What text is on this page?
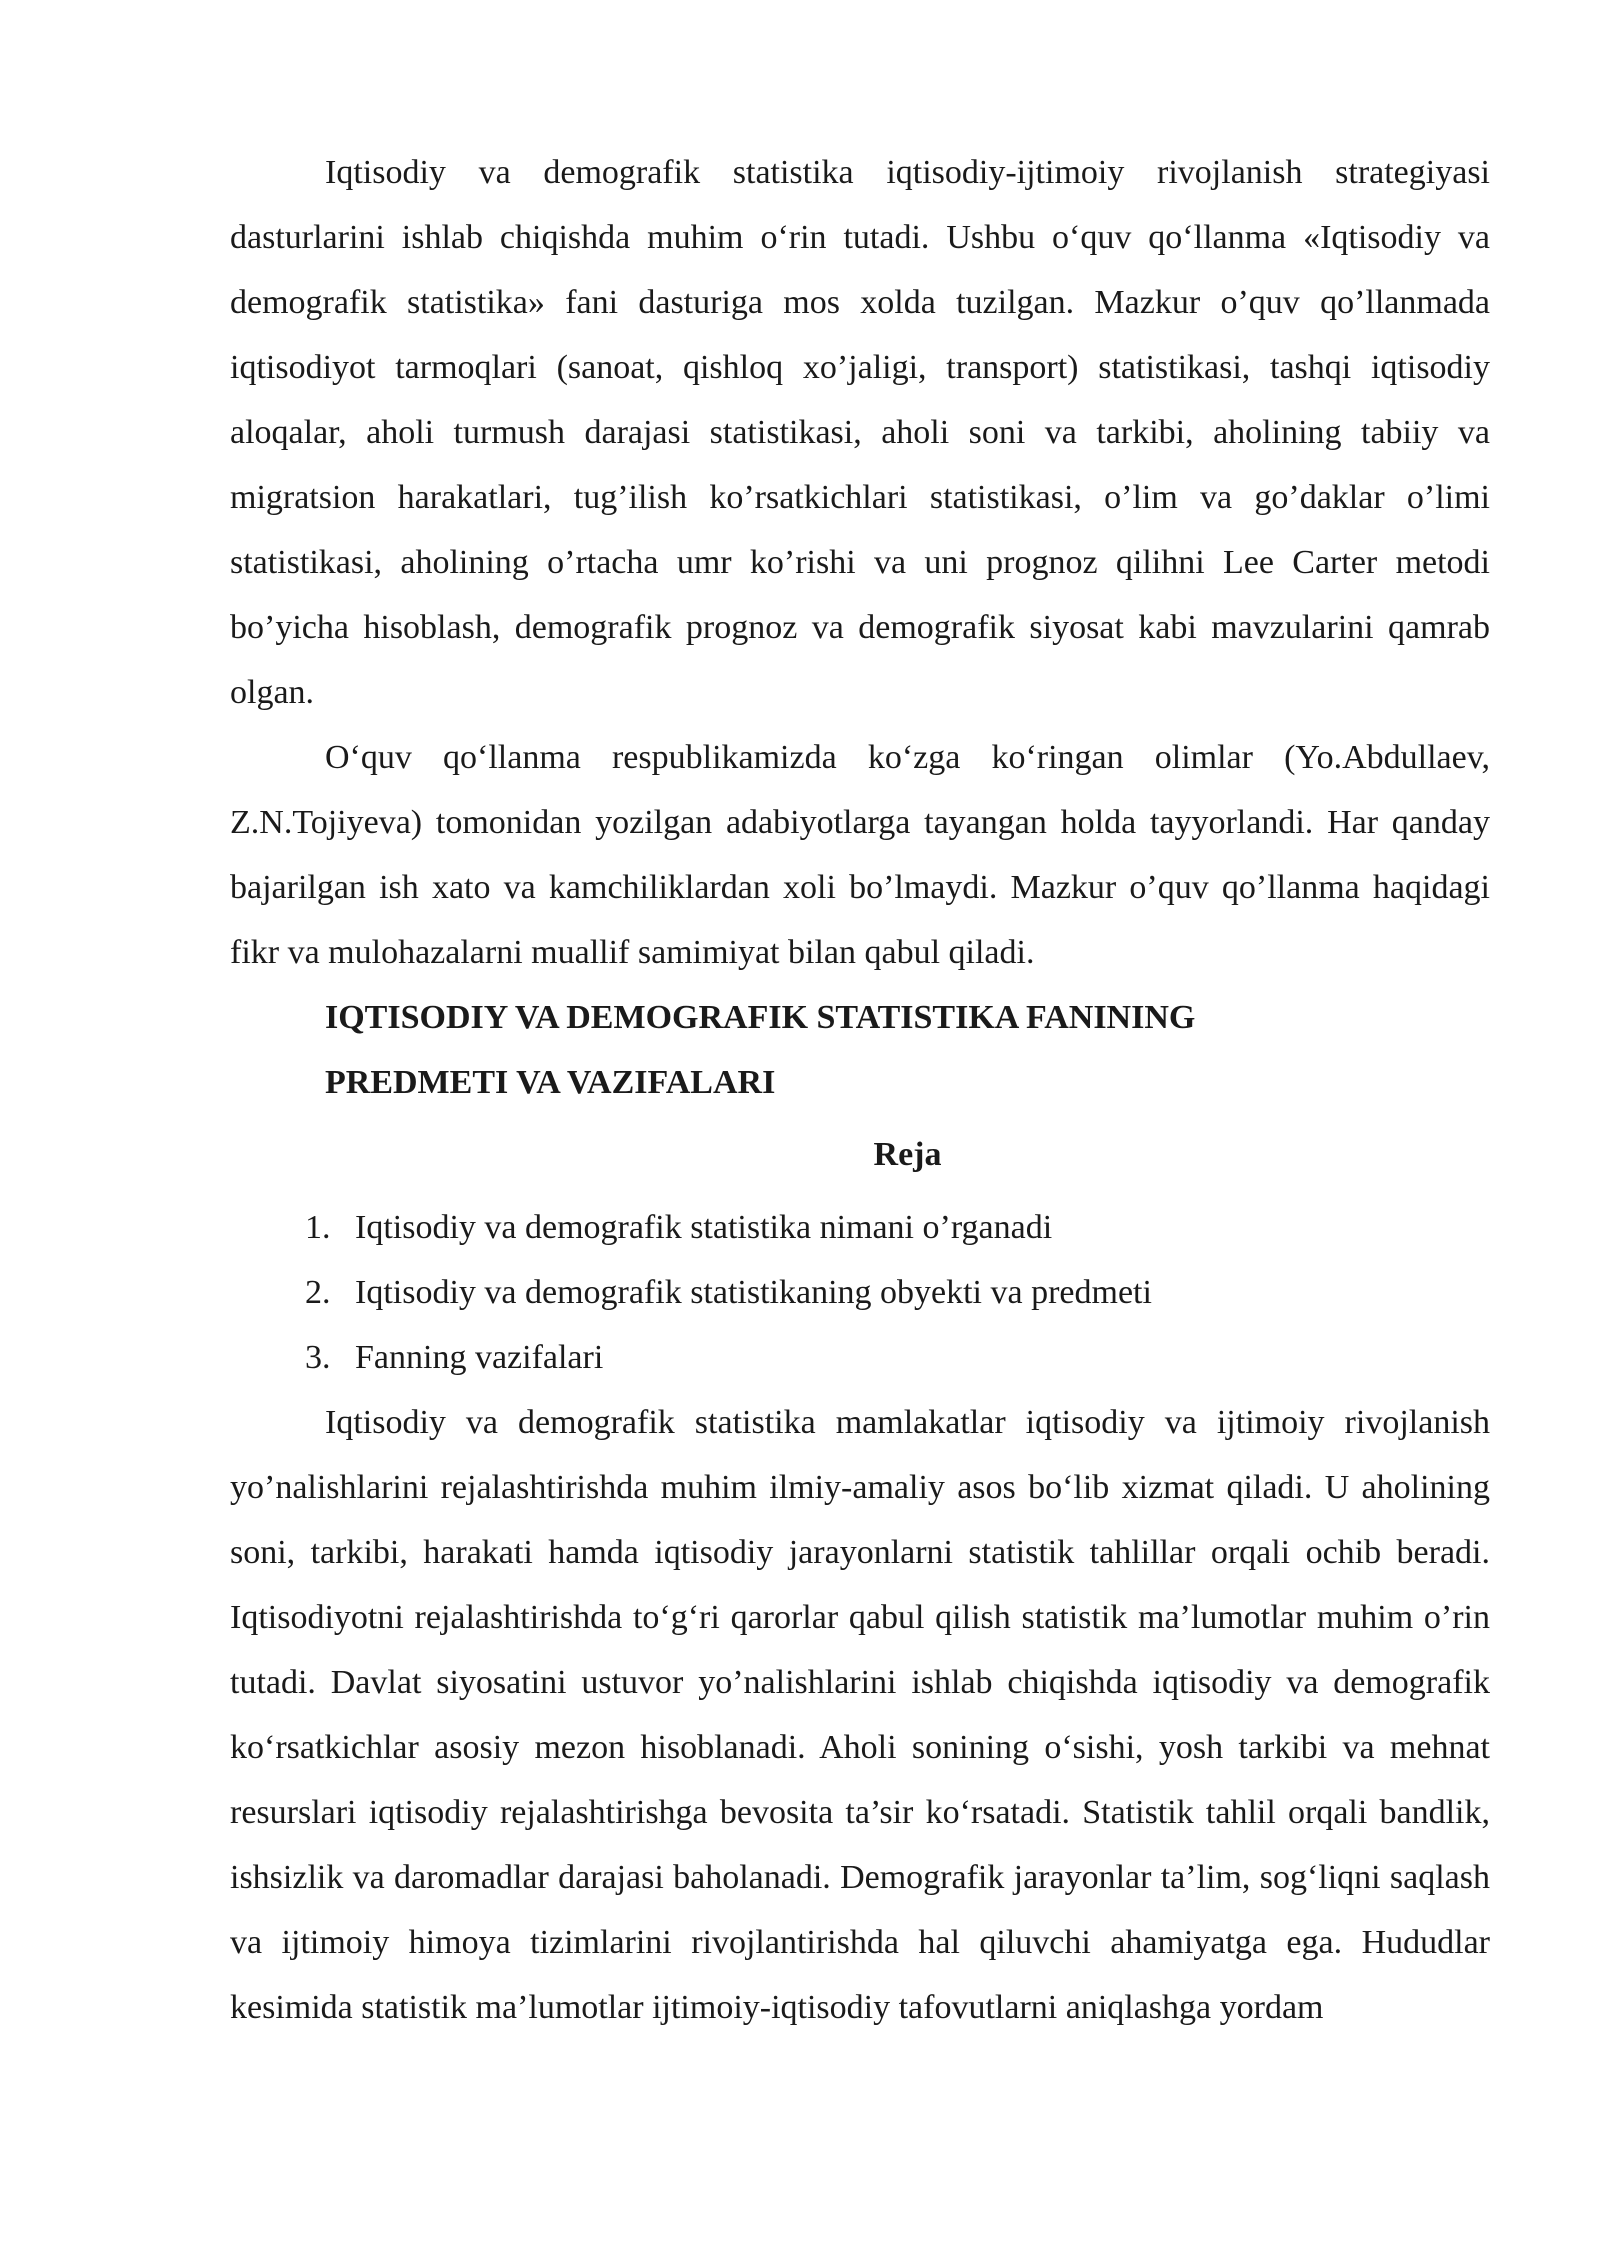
Iqtisodiy va demografik statistika iqtisodiy-ijtimoiy rivojlanish strategiyasi dasturlarini ishlab chiqishda muhim o‘rin tutadi. Ushbu o‘quv qo‘llanma «Iqtisodiy va demografik statistika» fani dasturiga mos xolda tuzilgan. Mazkur o’quv qo’llanmada iqtisodiyot tarmoqlari (sanoat, qishloq xo’jaligi, transport) statistikasi, tashqi iqtisodiy aloqalar, aholi turmush darajasi statistikasi, aholi soni va tarkibi, aholining tabiiy va migratsion harakatlari, tug’ilish ko’rsatkichlari statistikasi, o’lim va go’daklar o’limi statistikasi, aholining o’rtacha umr ko’rishi va uni prognoz qilihni Lee Carter metodi bo’yicha hisoblash, demografik prognoz va demografik siyosat kabi mavzularini qamrab olgan.

O‘quv qo‘llanma respublikamizda ko‘zga ko‘ringan olimlar (Yo.Abdullaev, Z.N.Tojiyeva) tomonidan yozilgan adabiyotlarga tayangan holda tayyorlandi. Har qanday bajarilgan ish xato va kamchiliklardan xoli bo’lmaydi. Mazkur o’quv qo’llanma haqidagi fikr va mulohazalarni muallif samimiyat bilan qabul qiladi.

IQTISODIY VA DEMOGRAFIK STATISTIKA FANINING

PREDMETI VA VAZIFALARI

Reja

1. Iqtisodiy va demografik statistika nimani o’rganadi
2. Iqtisodiy va demografik statistikaning obyekti va predmeti
3. Fanning vazifalari

Iqtisodiy va demografik statistika mamlakatlar iqtisodiy va ijtimoiy rivojlanish yo’nalishlarini rejalashtirishda muhim ilmiy-amaliy asos bo‘lib xizmat qiladi. U aholining soni, tarkibi, harakati hamda iqtisodiy jarayonlarni statistik tahlillar orqali ochib beradi. Iqtisodiyotni rejalashtirishda to‘g‘ri qarorlar qabul qilish statistik ma’lumotlar muhim o’rin tutadi. Davlat siyosatini ustuvor yo’nalishlarini ishlab chiqishda iqtisodiy va demografik ko‘rsatkichlar asosiy mezon hisoblanadi. Aholi sonining o‘sishi, yosh tarkibi va mehnat resurslari iqtisodiy rejalashtirishga bevosita ta’sir ko‘rsatadi. Statistik tahlil orqali bandlik, ishsizlik va daromadlar darajasi baholanadi. Demografik jarayonlar ta’lim, sog‘liqni saqlash va ijtimoiy himoya tizimlarini rivojlantirishda hal qiluvchi ahamiyatga ega. Hududlar kesimida statistik ma’lumotlar ijtimoiy-iqtisodiy tafovutlarni aniqlashga yordam
